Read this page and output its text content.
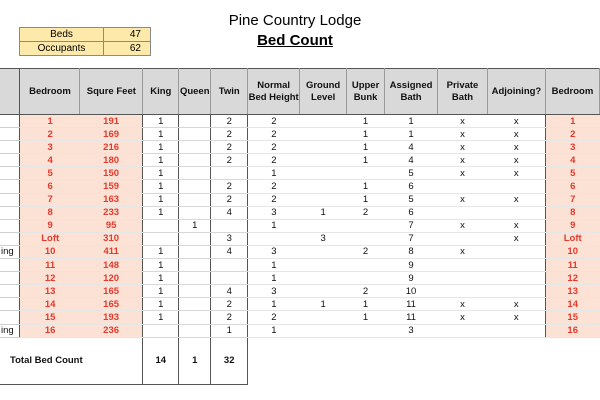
Beds	47
Occupants	62
Pine Country Lodge
Bed Count
	Bedroom	Squre Feet	King	Queen	Twin	Normal Bed Height	Ground Level	Upper Bunk	Assigned Bath	Private Bath	Adjoining?	Bedroom
	1	191	1		2	2		1	1	x	x	1
	2	169	1		2	2		1	1	x	x	2
	3	216	1		2	2		1	4	x	x	3
	4	180	1		2	2		1	4	x	x	4
	5	150	1			1			5	x	x	5
	6	159	1		2	2		1	6			6
	7	163	1		2	2		1	5	x	x	7
	8	233	1		4	3	1	2	6			8
	9	95		1		1			7	x	x	9
	Loft	310			3		3		7		x	Loft
ing	10	411	1		4	3		2	8	x		10
	11	148	1			1			9			11
	12	120	1			1			9			12
	13	165	1		4	3		2	10			13
	14	165	1		2	1	1	1	11	x	x	14
	15	193	1		2	2		1	11	x	x	15
ing	16	236			1	1			3			16
Total Bed Count			14	1	32							
